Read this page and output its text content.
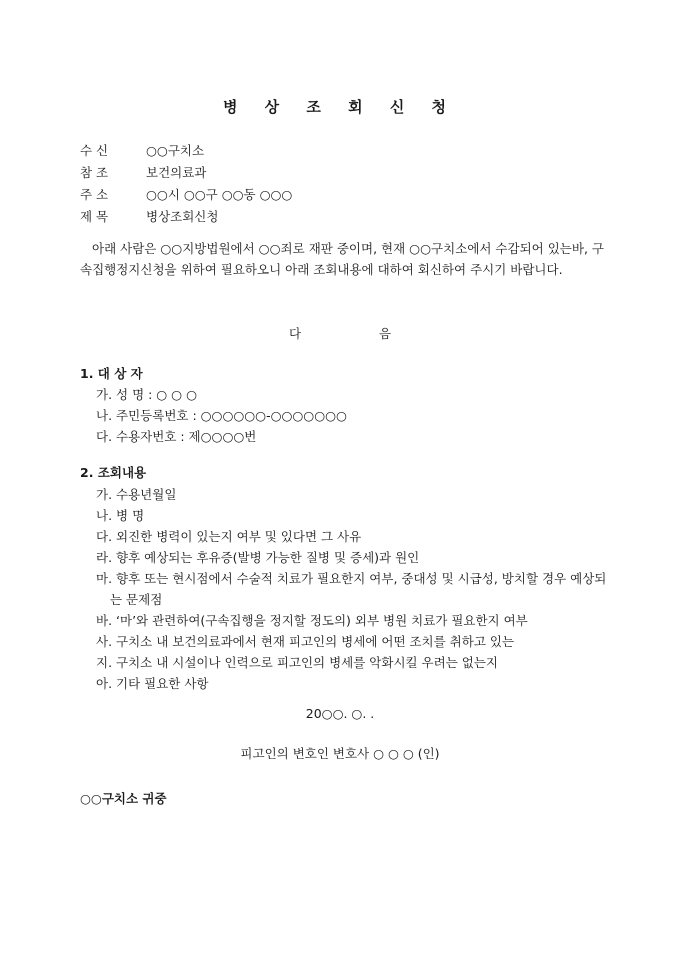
병 상 조 회 신 청
수 신	○○구치소
참 조	보건의료과
주 소	○○시 ○○구 ○○동 ○○○
제 목	병상조회신청
아래 사람은 ○○지방법원에서 ○○죄로 재판 중이며, 현재 ○○구치소에서 수감되어 있는바, 구속집행정지신청을 위하여 필요하오니 아래 조회내용에 대하여 회신하여 주시기 바랍니다.
다	음
1. 대 상 자
가. 성 명 : ○ ○ ○
나. 주민등록번호 : ○○○○○○-○○○○○○○
다. 수용자번호 : 제○○○○번
2. 조회내용
가. 수용년월일
나. 병 명
다. 외진한 병력이 있는지 여부 및 있다면 그 사유
라. 향후 예상되는 후유증(발병 가능한 질병 및 증세)과 원인
마. 향후 또는 현시점에서 수술적 치료가 필요한지 여부, 중대성 및 시급성, 방치할 경우 예상되는 문제점
바. ‘마’와 관련하여(구속집행을 정지할 정도의) 외부 병원 치료가 필요한지 여부
사. 구치소 내 보건의료과에서 현재 피고인의 병세에 어떤 조치를 취하고 있는
지. 구치소 내 시설이나 인력으로 피고인의 병세를 악화시킬 우려는 없는지
아. 기타 필요한 사항
20○○. ○. .
피고인의 변호인 변호사 ○ ○ ○ (인)
○○구치소 귀중
